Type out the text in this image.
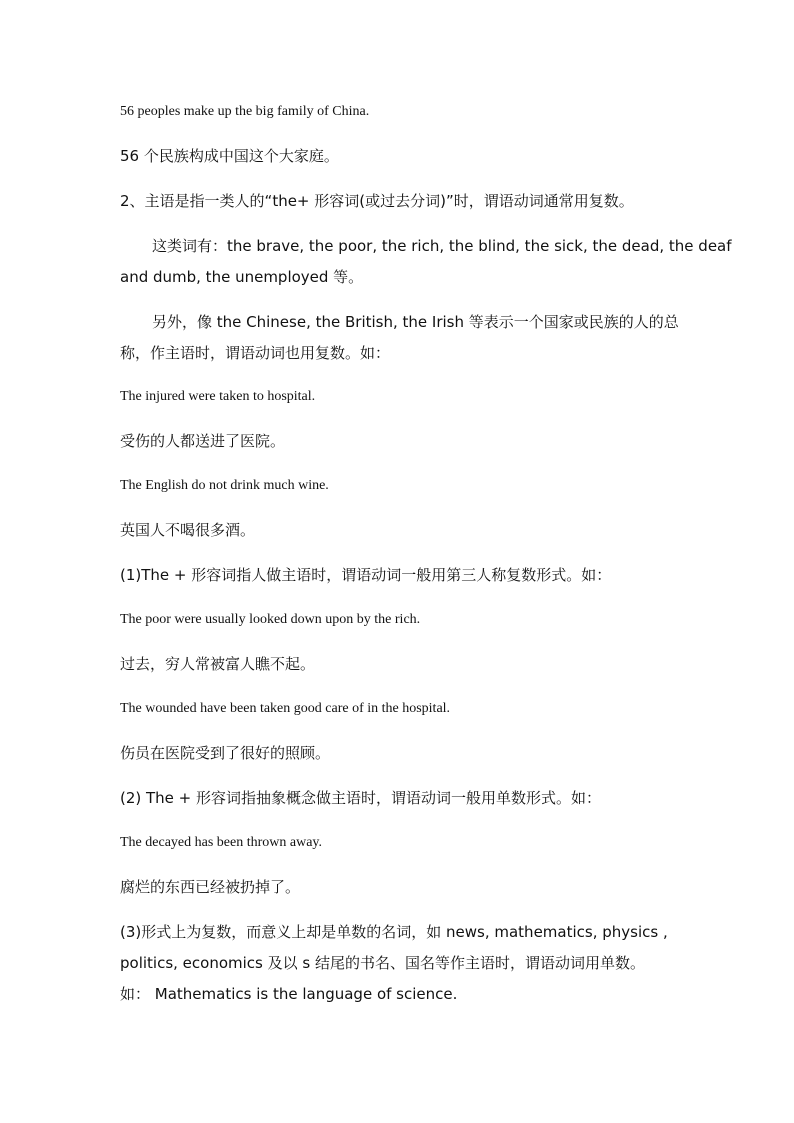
56 peoples make up the big family of China.
56 个民族构成中国这个大家庭。
2、主语是指一类人的“the+ 形容词(或过去分词)”时，谓语动词通常用复数。
这类词有：the brave, the poor, the rich, the blind, the sick, the dead, the deaf
and dumb, the unemployed 等。
另外，像 the Chinese, the British, the Irish 等表示一个国家或民族的人的总
称，作主语时，谓语动词也用复数。如：
The injured were taken to hospital.
受伤的人都送进了医院。
The English do not drink much wine.
英国人不喝很多酒。
(1)The + 形容词指人做主语时，谓语动词一般用第三人称复数形式。如：
The poor were usually looked down upon by the rich.
过去，穷人常被富人瞧不起。
The wounded have been taken good care of in the hospital.
伤员在医院受到了很好的照顾。
(2) The + 形容词指抽象概念做主语时，谓语动词一般用单数形式。如：
The decayed has been thrown away.
腐烂的东西已经被扔掉了。
(3)形式上为复数，而意义上却是单数的名词，如 news, mathematics, physics ,
politics, economics 及以 s 结尾的书名、国名等作主语时，谓语动词用单数。
如： Mathematics is the language of science.
